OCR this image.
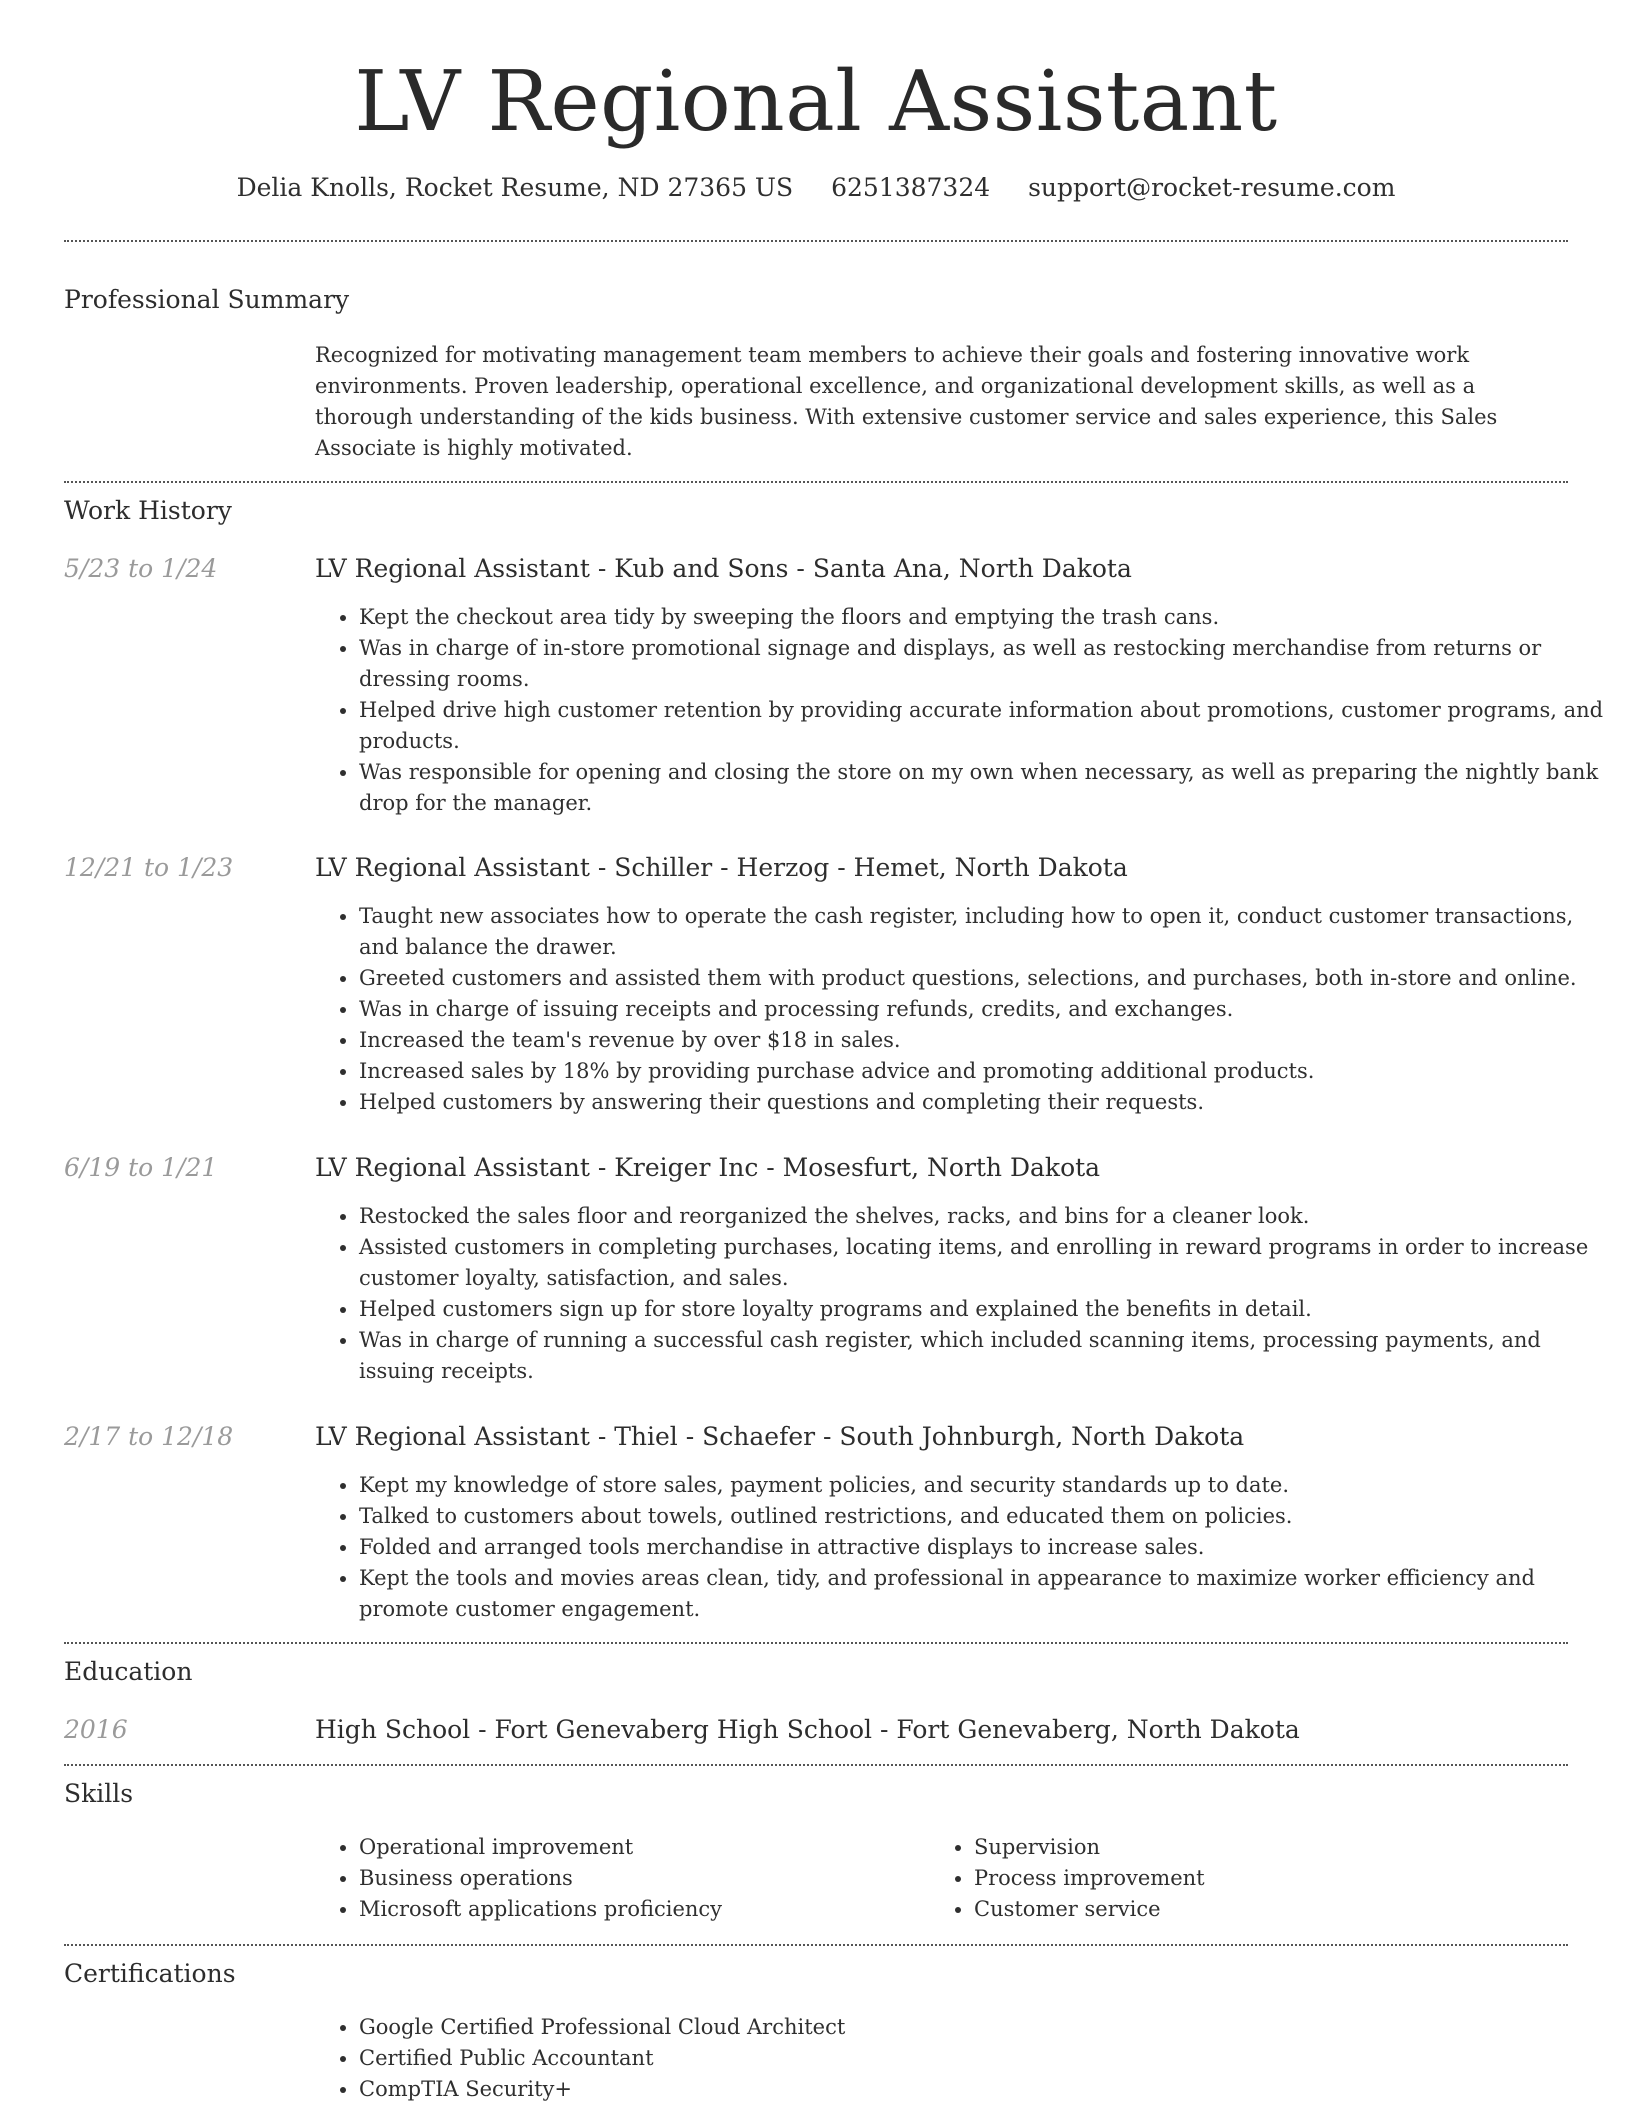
LV Regional Assistant
Delia Knolls, Rocket Resume, ND 27365 US 6251387324 support@rocket-resume.com
Professional Summary

Recognized for motivating management team members to achieve their goals and fostering innovative work environments. Proven leadership, operational excellence, and organizational development skills, as well as a thorough understanding of the kids business. With extensive customer service and sales experience, this Sales Associate is highly motivated.

Work History
5/23 to 1/24	LV Regional Assistant - Kub and Sons - Santa Ana, North Dakota
• Kept the checkout area tidy by sweeping the floors and emptying the trash cans.
• Was in charge of in-store promotional signage and displays, as well as restocking merchandise from returns or dressing rooms.
• Helped drive high customer retention by providing accurate information about promotions, customer programs, and products.
• Was responsible for opening and closing the store on my own when necessary, as well as preparing the nightly bank drop for the manager.
12/21 to 1/23	LV Regional Assistant - Schiller - Herzog - Hemet, North Dakota
• Taught new associates how to operate the cash register, including how to open it, conduct customer transactions, and balance the drawer.
• Greeted customers and assisted them with product questions, selections, and purchases, both in-store and online.
• Was in charge of issuing receipts and processing refunds, credits, and exchanges.
• Increased the team's revenue by over $18 in sales.
• Increased sales by 18% by providing purchase advice and promoting additional products.
• Helped customers by answering their questions and completing their requests.
6/19 to 1/21	LV Regional Assistant - Kreiger Inc - Mosesfurt, North Dakota
• Restocked the sales floor and reorganized the shelves, racks, and bins for a cleaner look.
• Assisted customers in completing purchases, locating items, and enrolling in reward programs in order to increase customer loyalty, satisfaction, and sales.
• Helped customers sign up for store loyalty programs and explained the benefits in detail.
• Was in charge of running a successful cash register, which included scanning items, processing payments, and issuing receipts.
2/17 to 12/18	LV Regional Assistant - Thiel - Schaefer - South Johnburgh, North Dakota
• Kept my knowledge of store sales, payment policies, and security standards up to date.
• Talked to customers about towels, outlined restrictions, and educated them on policies.
• Folded and arranged tools merchandise in attractive displays to increase sales.
• Kept the tools and movies areas clean, tidy, and professional in appearance to maximize worker efficiency and promote customer engagement.
Education
2016	High School - Fort Genevaberg High School - Fort Genevaberg, North Dakota
Skills
• Operational improvement
• Business operations
• Microsoft applications proficiency
• Supervision
• Process improvement
• Customer service
Certifications
• Google Certified Professional Cloud Architect
• Certified Public Accountant
• CompTIA Security+
